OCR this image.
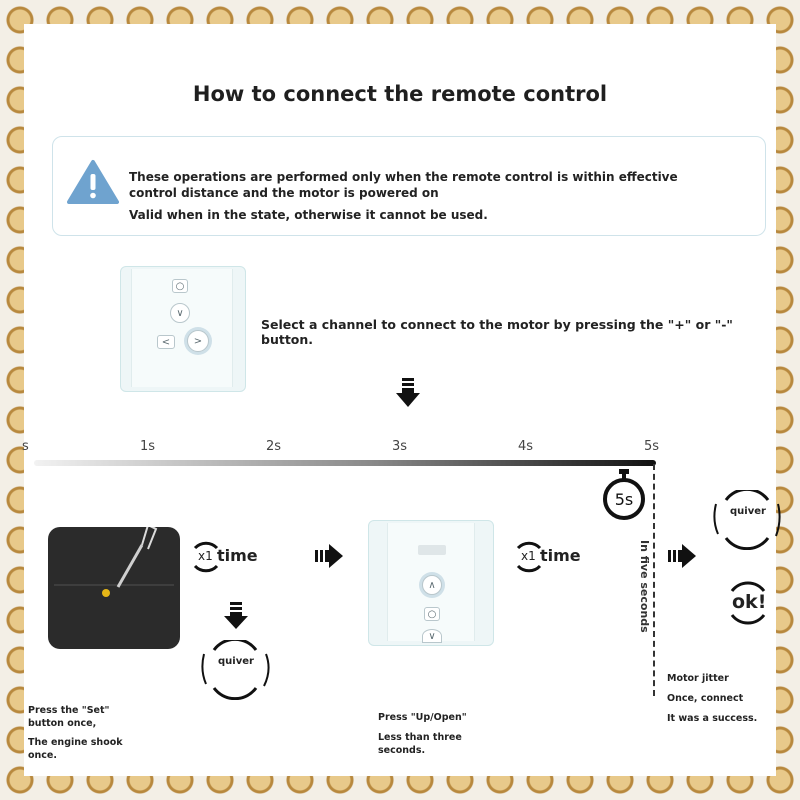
How to connect the remote control
These operations are performed only when the remote control is within effective control distance and the motor is powered on
Valid when in the state, otherwise it cannot be used.
○
∨
<	>
Select a channel to connect to the motor by pressing the "+" or "-" button.
s	1s	2s	3s	4s	5s
5s
In five seconds
x1 time
quiver
∧
○
∨
x1 time
quiver
ok!
Press the "Set" button once,
The engine shook once.
Press "Up/Open"
Less than three seconds.
Motor jitter
Once, connect
It was a success.
